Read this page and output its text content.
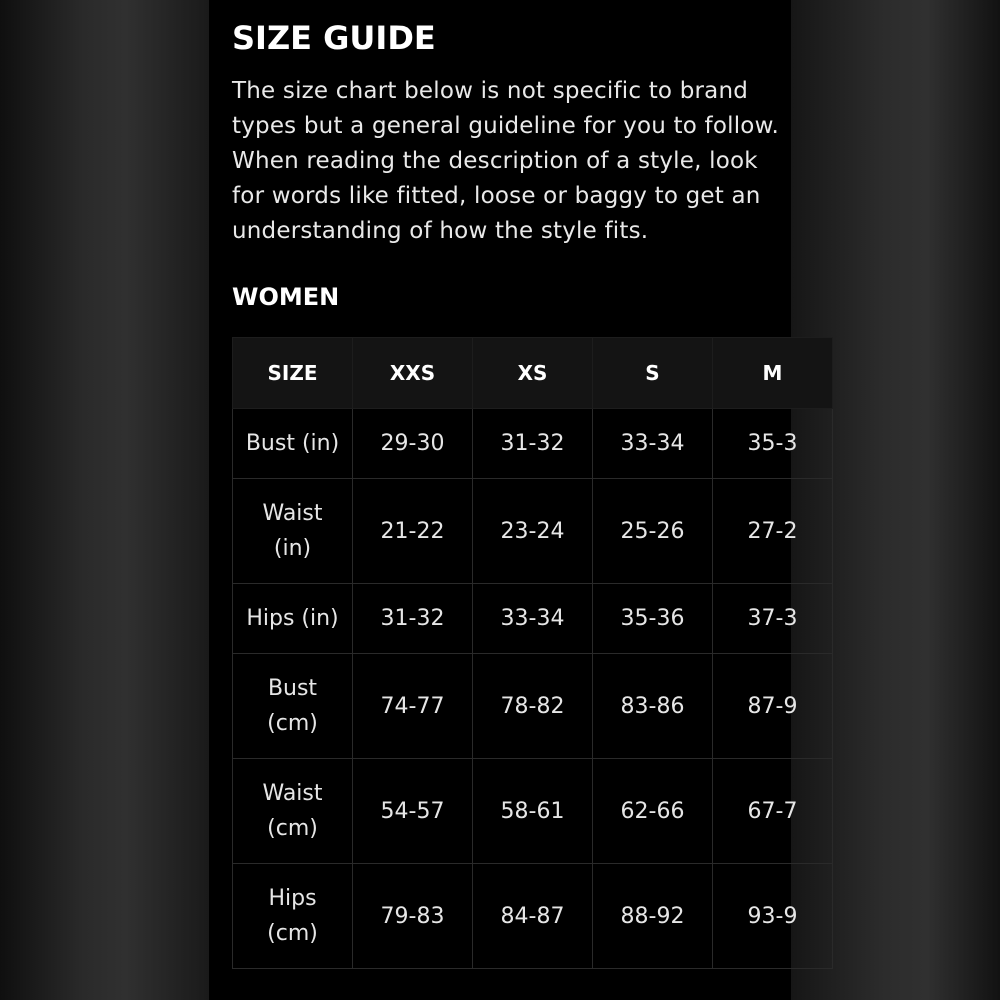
SIZE GUIDE

The size chart below is not specific to brand
types but a general guideline for you to follow.
When reading the description of a style, look
for words like fitted, loose or baggy to get an
understanding of how the style fits.

WOMEN
SIZE	XXS	XS	S	M

Bust (in)	29-30	31-32	33-34	35-3

Waist
(in)	21-22	23-24	25-26	27-2

Hips (in)	31-32	33-34	35-36	37-3

Bust
(cm)	74-77	78-82	83-86	87-9

Waist
(cm)	54-57	58-61	62-66	67-7

Hips
(cm)	79-83	84-87	88-92	93-9
